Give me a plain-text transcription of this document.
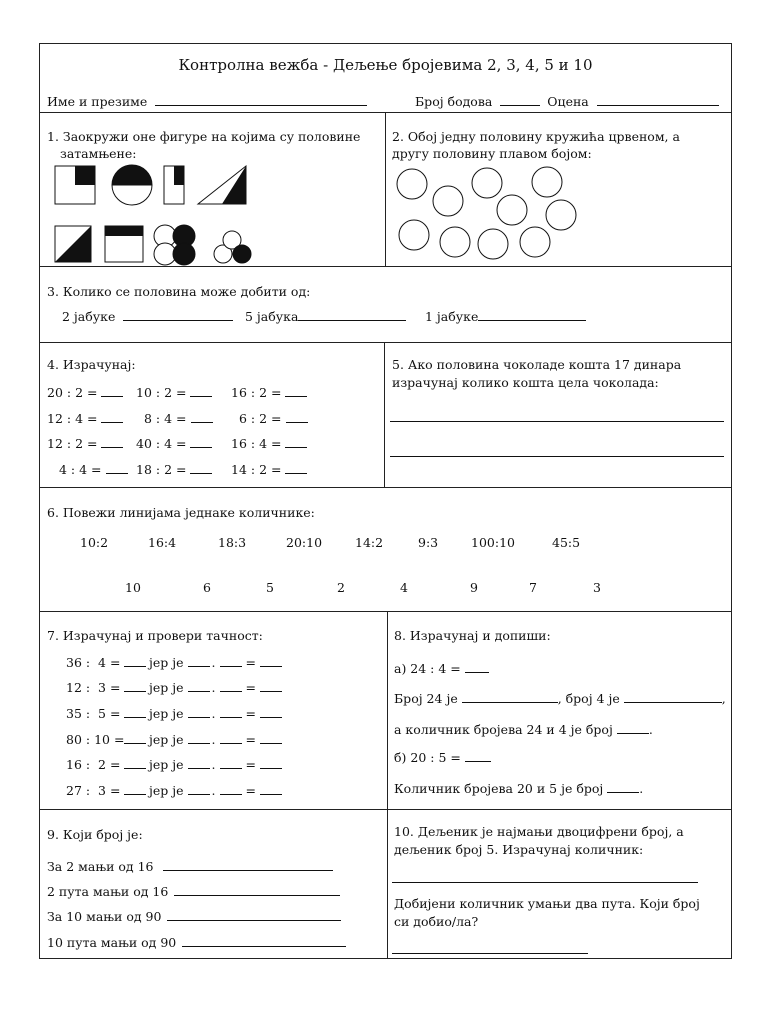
Контролна вежба - Дељење бројевима 2, 3, 4, 5 и 10
Име и презиме	Број бодова	Оцена
1. Заокружи оне фигуре на којима су половине
затамњене:
2. Обој једну половину кружића црвеном, а
другу половину плавом бојом:
3. Колико се половина може добити од:
2 јабуке	5 јабука	1 јабуке
4. Израчунај:
20 : 2 =	10 : 2 =	16 : 2 =
12 : 4 =	8 : 4 =	6 : 2 =
12 : 2 =	40 : 4 =	16 : 4 =
4 : 4 =	18 : 2 =	14 : 2 =
5. Ако половина чоколаде кошта 17 динара
израчунај колико кошта цела чоколада:
6. Повежи линијама једнаке количнике:
10:2	16:4	18:3	20:10	14:2	9:3	100:10	45:5
10	6	5	2	4	9	7	3
7. Израчунај и провери тачност:
36 :  4 = јер је . =
12 :  3 = јер је . =
35 :  5 = јер је . =
80 : 10 = јер је . =
16 :  2 = јер је . =
27 :  3 = јер је . =
8. Израчунај и допиши:
а) 24 : 4 =
Број 24 је	, број 4 је	,
а количник бројева 24 и 4 је број	.
б) 20 : 5 =
Количник бројева 20 и 5 је број	.
9. Који број је:
За 2 мањи од 16
2 пута мањи од 16
За 10 мањи од 90
10 пута мањи од 90
10. Дељеник је најмањи двоцифрени број, а
дељеник број 5. Израчунај количник:
Добијени количник умањи два пута. Који број
си добио/ла?
